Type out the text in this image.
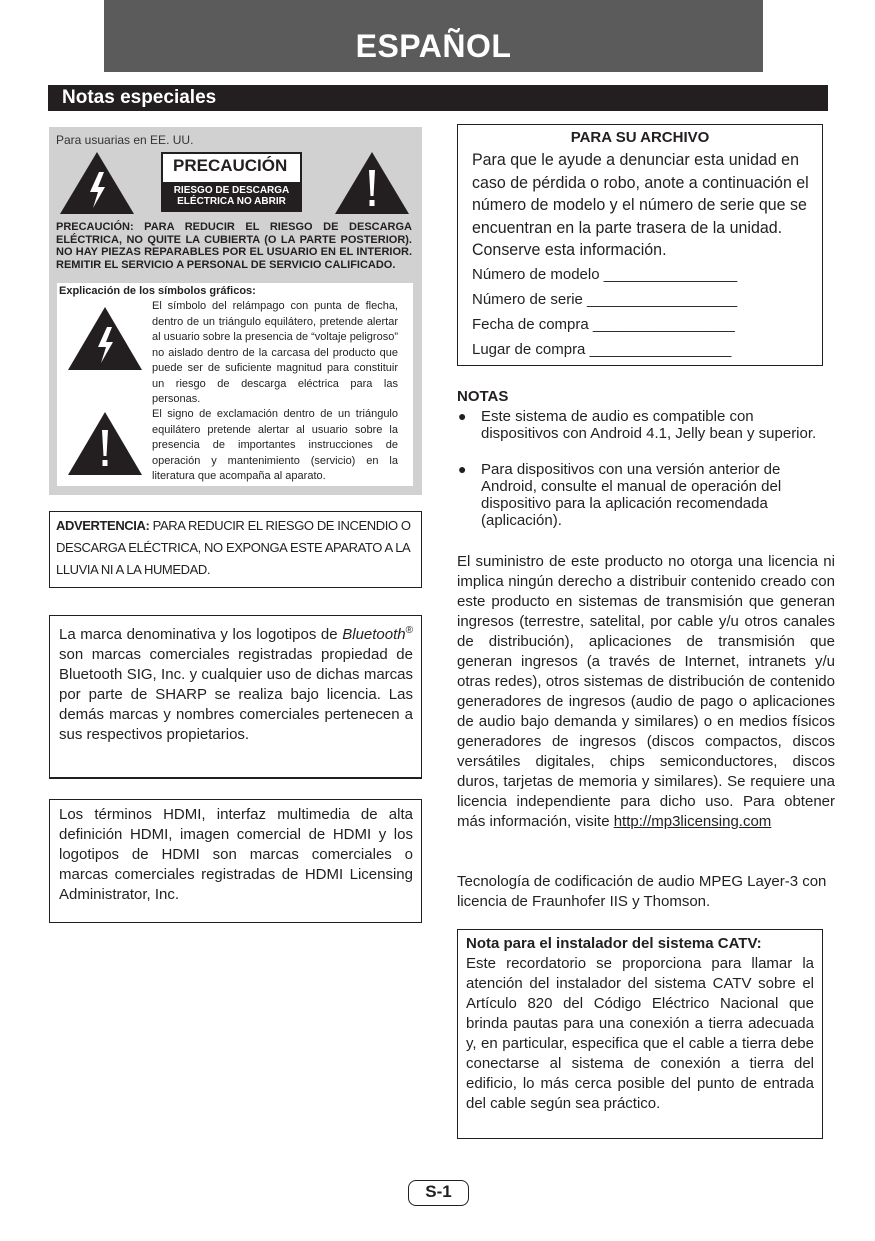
ESPAÑOL
Notas especiales
Para usuarias en EE. UU.
PRECAUCIÓN
RIESGO DE DESCARGA ELÉCTRICA NO ABRIR
PRECAUCIÓN: PARA REDUCIR EL RIESGO DE DESCARGA ELÉCTRICA, NO QUITE LA CUBIERTA (O LA PARTE POSTERIOR). NO HAY PIEZAS REPARABLES POR EL USUARIO EN EL INTERIOR. REMITIR EL SERVICIO A PERSONAL DE SERVICIO CALIFICADO.
Explicación de los símbolos gráficos:
El símbolo del relámpago con punta de flecha, dentro de un triángulo equilátero, pretende alertar al usuario sobre la presencia de “voltaje peligroso” no aislado dentro de la carcasa del producto que puede ser de suficiente magnitud para constituir un riesgo de descarga eléctrica para las personas.
El signo de exclamación dentro de un triángulo equilátero pretende alertar al usuario sobre la presencia de importantes instrucciones de operación y mantenimiento (servicio) en la literatura que acompaña al aparato.
ADVERTENCIA: PARA REDUCIR EL RIESGO DE INCENDIO O DESCARGA ELÉCTRICA, NO EXPONGA ESTE APARATO A LA LLUVIA NI A LA HUMEDAD.
La marca denominativa y los logotipos de Bluetooth® son marcas comerciales registradas propiedad de Bluetooth SIG, Inc. y cualquier uso de dichas marcas por parte de SHARP se realiza bajo licencia. Las demás marcas y nombres comerciales pertenecen a sus respectivos propietarios.
Los términos HDMI, interfaz multimedia de alta definición HDMI, imagen comercial de HDMI y los logotipos de HDMI son marcas comerciales o marcas comerciales registradas de HDMI Licensing Administrator, Inc.
PARA SU ARCHIVO
Para que le ayude a denunciar esta unidad en caso de pérdida o robo, anote a continuación el número de modelo y el número de serie que se encuentran en la parte trasera de la unidad. Conserve esta información.
Número de modelo ________________
Número de serie __________________
Fecha de compra _________________
Lugar de compra _________________
NOTAS
● Este sistema de audio es compatible con dispositivos con Android 4.1, Jelly bean y superior.
● Para dispositivos con una versión anterior de Android, consulte el manual de operación del dispositivo para la aplicación recomendada (aplicación).
El suministro de este producto no otorga una licencia ni implica ningún derecho a distribuir contenido creado con este producto en sistemas de transmisión que generan ingresos (terrestre, satelital, por cable y/u otros canales de distribución), aplicaciones de transmisión que generan ingresos (a través de Internet, intranets y/u otras redes), otros sistemas de distribución de contenido generadores de ingresos (audio de pago o aplicaciones de audio bajo demanda y similares) o en medios físicos generadores de ingresos (discos compactos, discos versátiles digitales, chips semiconductores, discos duros, tarjetas de memoria y similares). Se requiere una licencia independiente para dicho uso. Para obtener más información, visite http://mp3licensing.com
Tecnología de codificación de audio MPEG Layer-3 con licencia de Fraunhofer IIS y Thomson.
Nota para el instalador del sistema CATV:
Este recordatorio se proporciona para llamar la atención del instalador del sistema CATV sobre el Artículo 820 del Código Eléctrico Nacional que brinda pautas para una conexión a tierra adecuada y, en particular, especifica que el cable a tierra debe conectarse al sistema de conexión a tierra del edificio, lo más cerca posible del punto de entrada del cable según sea práctico.
S-1
